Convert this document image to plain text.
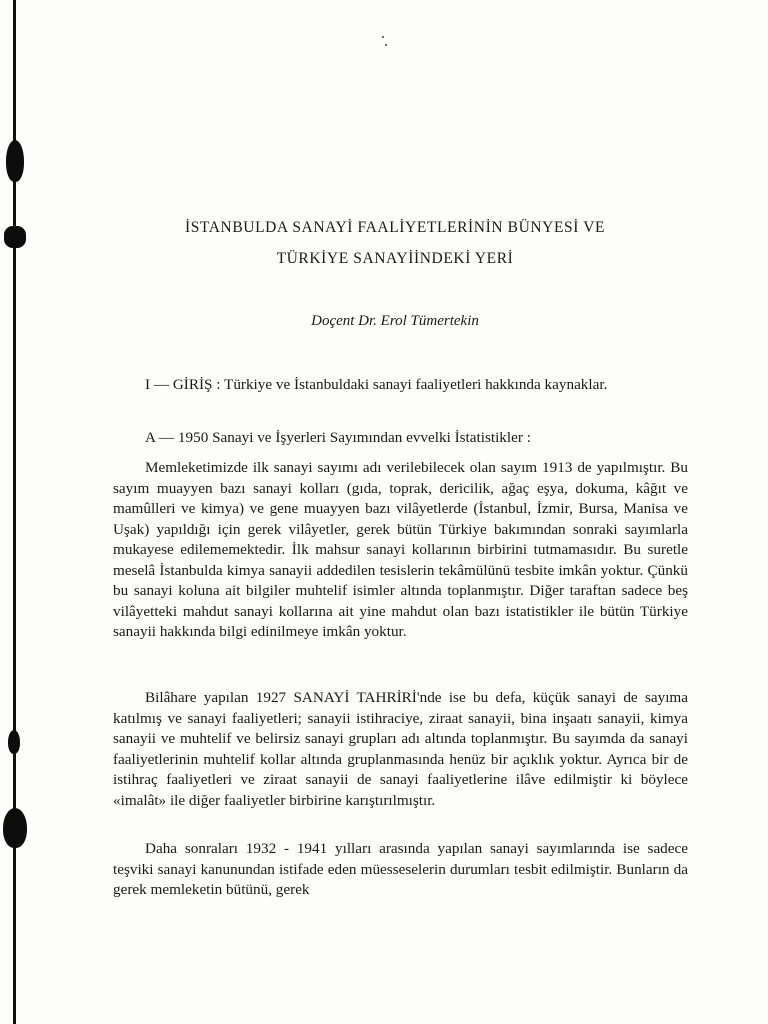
İSTANBULDA SANAYİ FAALİYETLERİNİN BÜNYESİ VE
TÜRKİYE SANAYİİNDEKİ YERİ
Doçent Dr. Erol Tümertekin
I — GİRİŞ : Türkiye ve İstanbuldaki sanayi faaliyetleri hakkında kaynaklar.
A — 1950 Sanayi ve İşyerleri Sayımından evvelki İstatistikler :
Memleketimizde ilk sanayi sayımı adı verilebilecek olan sayım 1913 de yapılmıştır. Bu sayım muayyen bazı sanayi kolları (gıda, toprak, dericilik, ağaç eşya, dokuma, kâğıt ve mamûlleri ve kimya) ve gene muayyen bazı vilâyetlerde (İstanbul, İzmir, Bursa, Manisa ve Uşak) yapıldığı için gerek vilâyetler, gerek bütün Türkiye bakımından sonraki sayımlarla mukayese edilememektedir. İlk mahsur sanayi kollarının birbirini tutmamasıdır. Bu suretle meselâ İstanbulda kimya sanayii addedilen tesislerin tekâmülünü tesbite imkân yoktur. Çünkü bu sanayi koluna ait bilgiler muhtelif isimler altında toplanmıştır. Diğer taraftan sadece beş vilâyetteki mahdut sanayi kollarına ait yine mahdut olan bazı istatistikler ile bütün Türkiye sanayii hakkında bilgi edinilmeye imkân yoktur.
Bilâhare yapılan 1927 SANAYİ TAHRİRİ'nde ise bu defa, küçük sanayi de sayıma katılmış ve sanayi faaliyetleri; sanayii istihraciye, ziraat sanayii, bina inşaatı sanayii, kimya sanayii ve muhtelif ve belirsiz sanayi grupları adı altında toplanmıştır. Bu sayımda da sanayi faaliyetlerinin muhtelif kollar altında gruplanmasında henüz bir açıklık yoktur. Ayrıca bir de istihraç faaliyetleri ve ziraat sanayii de sanayi faaliyetlerine ilâve edilmiştir ki böylece «imalât» ile diğer faaliyetler birbirine karıştırılmıştır.
Daha sonraları 1932 - 1941 yılları arasında yapılan sanayi sayımlarında ise sadece teşviki sanayi kanunundan istifade eden müesseselerin durumları tesbit edilmiştir. Bunların da gerek memleketin bütünü, gerek
